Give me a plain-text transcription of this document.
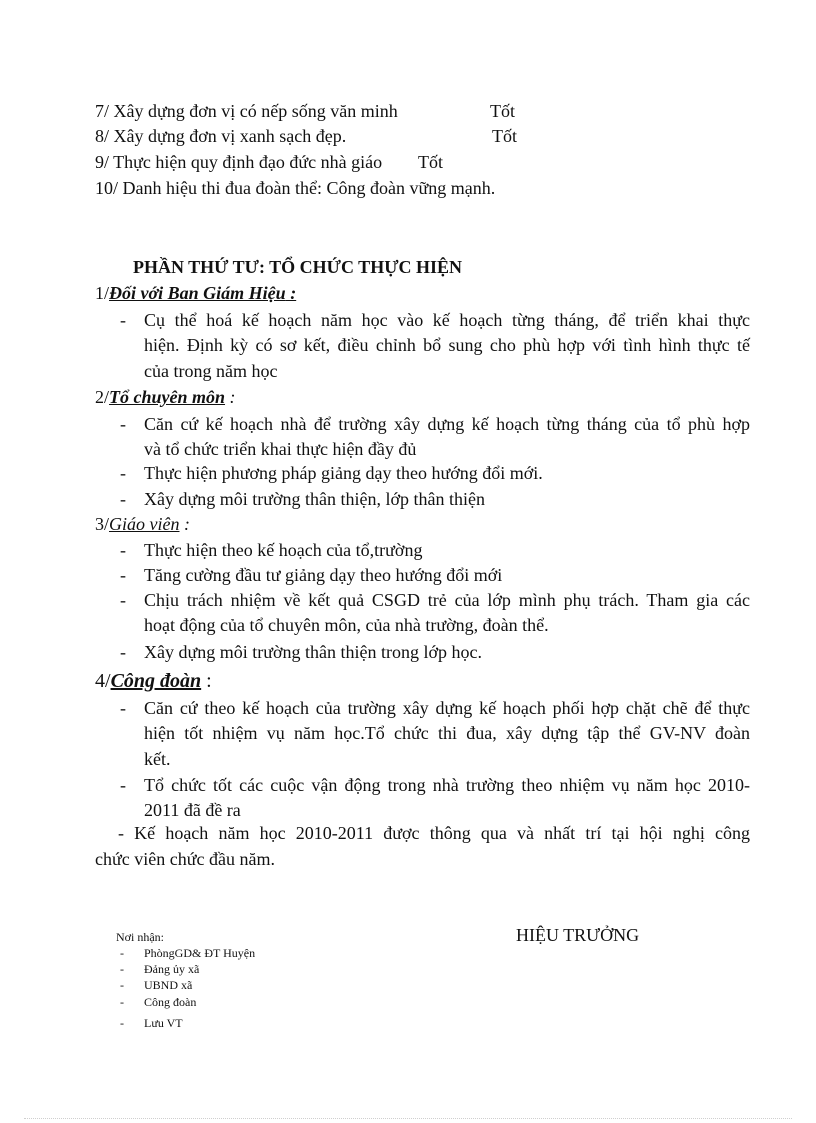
7/ Xây dựng đơn vị có nếp sống văn minh	Tốt
8/ Xây dựng đơn vị xanh sạch đẹp.	Tốt
9/ Thực hiện quy định đạo đức nhà giáo Tốt
10/ Danh hiệu thi đua đoàn thể: Công đoàn vững mạnh.
PHẦN THỨ TƯ: TỔ CHỨC THỰC HIỆN
1/Đối với Ban Giám Hiệu :
- Cụ thể hoá kế hoạch năm học vào kế hoạch từng tháng, để triển khai thực
hiện. Định kỳ có sơ kết, điều chỉnh bổ sung cho phù hợp với tình hình thực tế
của trong năm học
2/Tổ chuyên môn :
- Căn cứ kế hoạch nhà để trường xây dựng kế hoạch từng tháng của tổ phù hợp
và tổ chức triển khai thực hiện đầy đủ
- Thực hiện phương pháp giảng dạy theo hướng đổi mới.
- Xây dựng môi trường thân thiện, lớp thân thiện
3/Giáo viên :
- Thực hiện theo kế hoạch của tổ,trường
- Tăng cường đầu tư giảng dạy theo hướng đổi mới
- Chịu trách nhiệm về kết quả CSGD trẻ của lớp mình phụ trách. Tham gia các
hoạt động của tổ chuyên môn, của nhà trường, đoàn thể.
- Xây dựng môi trường thân thiện trong lớp học.
4/Công đoàn :
- Căn cứ theo kế hoạch của trường xây dựng kế hoạch phối hợp chặt chẽ để thực
hiện tốt nhiệm vụ năm học.Tổ chức thi đua, xây dựng tập thể GV-NV đoàn
kết.
- Tổ chức tốt các cuộc vận động trong nhà trường theo nhiệm vụ năm học 2010-
2011 đã đề ra
- Kế hoạch năm học 2010-2011 được thông qua và nhất trí tại hội nghị công
chức viên chức đầu năm.
Nơi nhận:
- PhòngGD& ĐT Huyện
- Đảng ủy xã
- UBND xã
- Công đoàn
- Lưu VT
HIỆU TRƯỞNG
